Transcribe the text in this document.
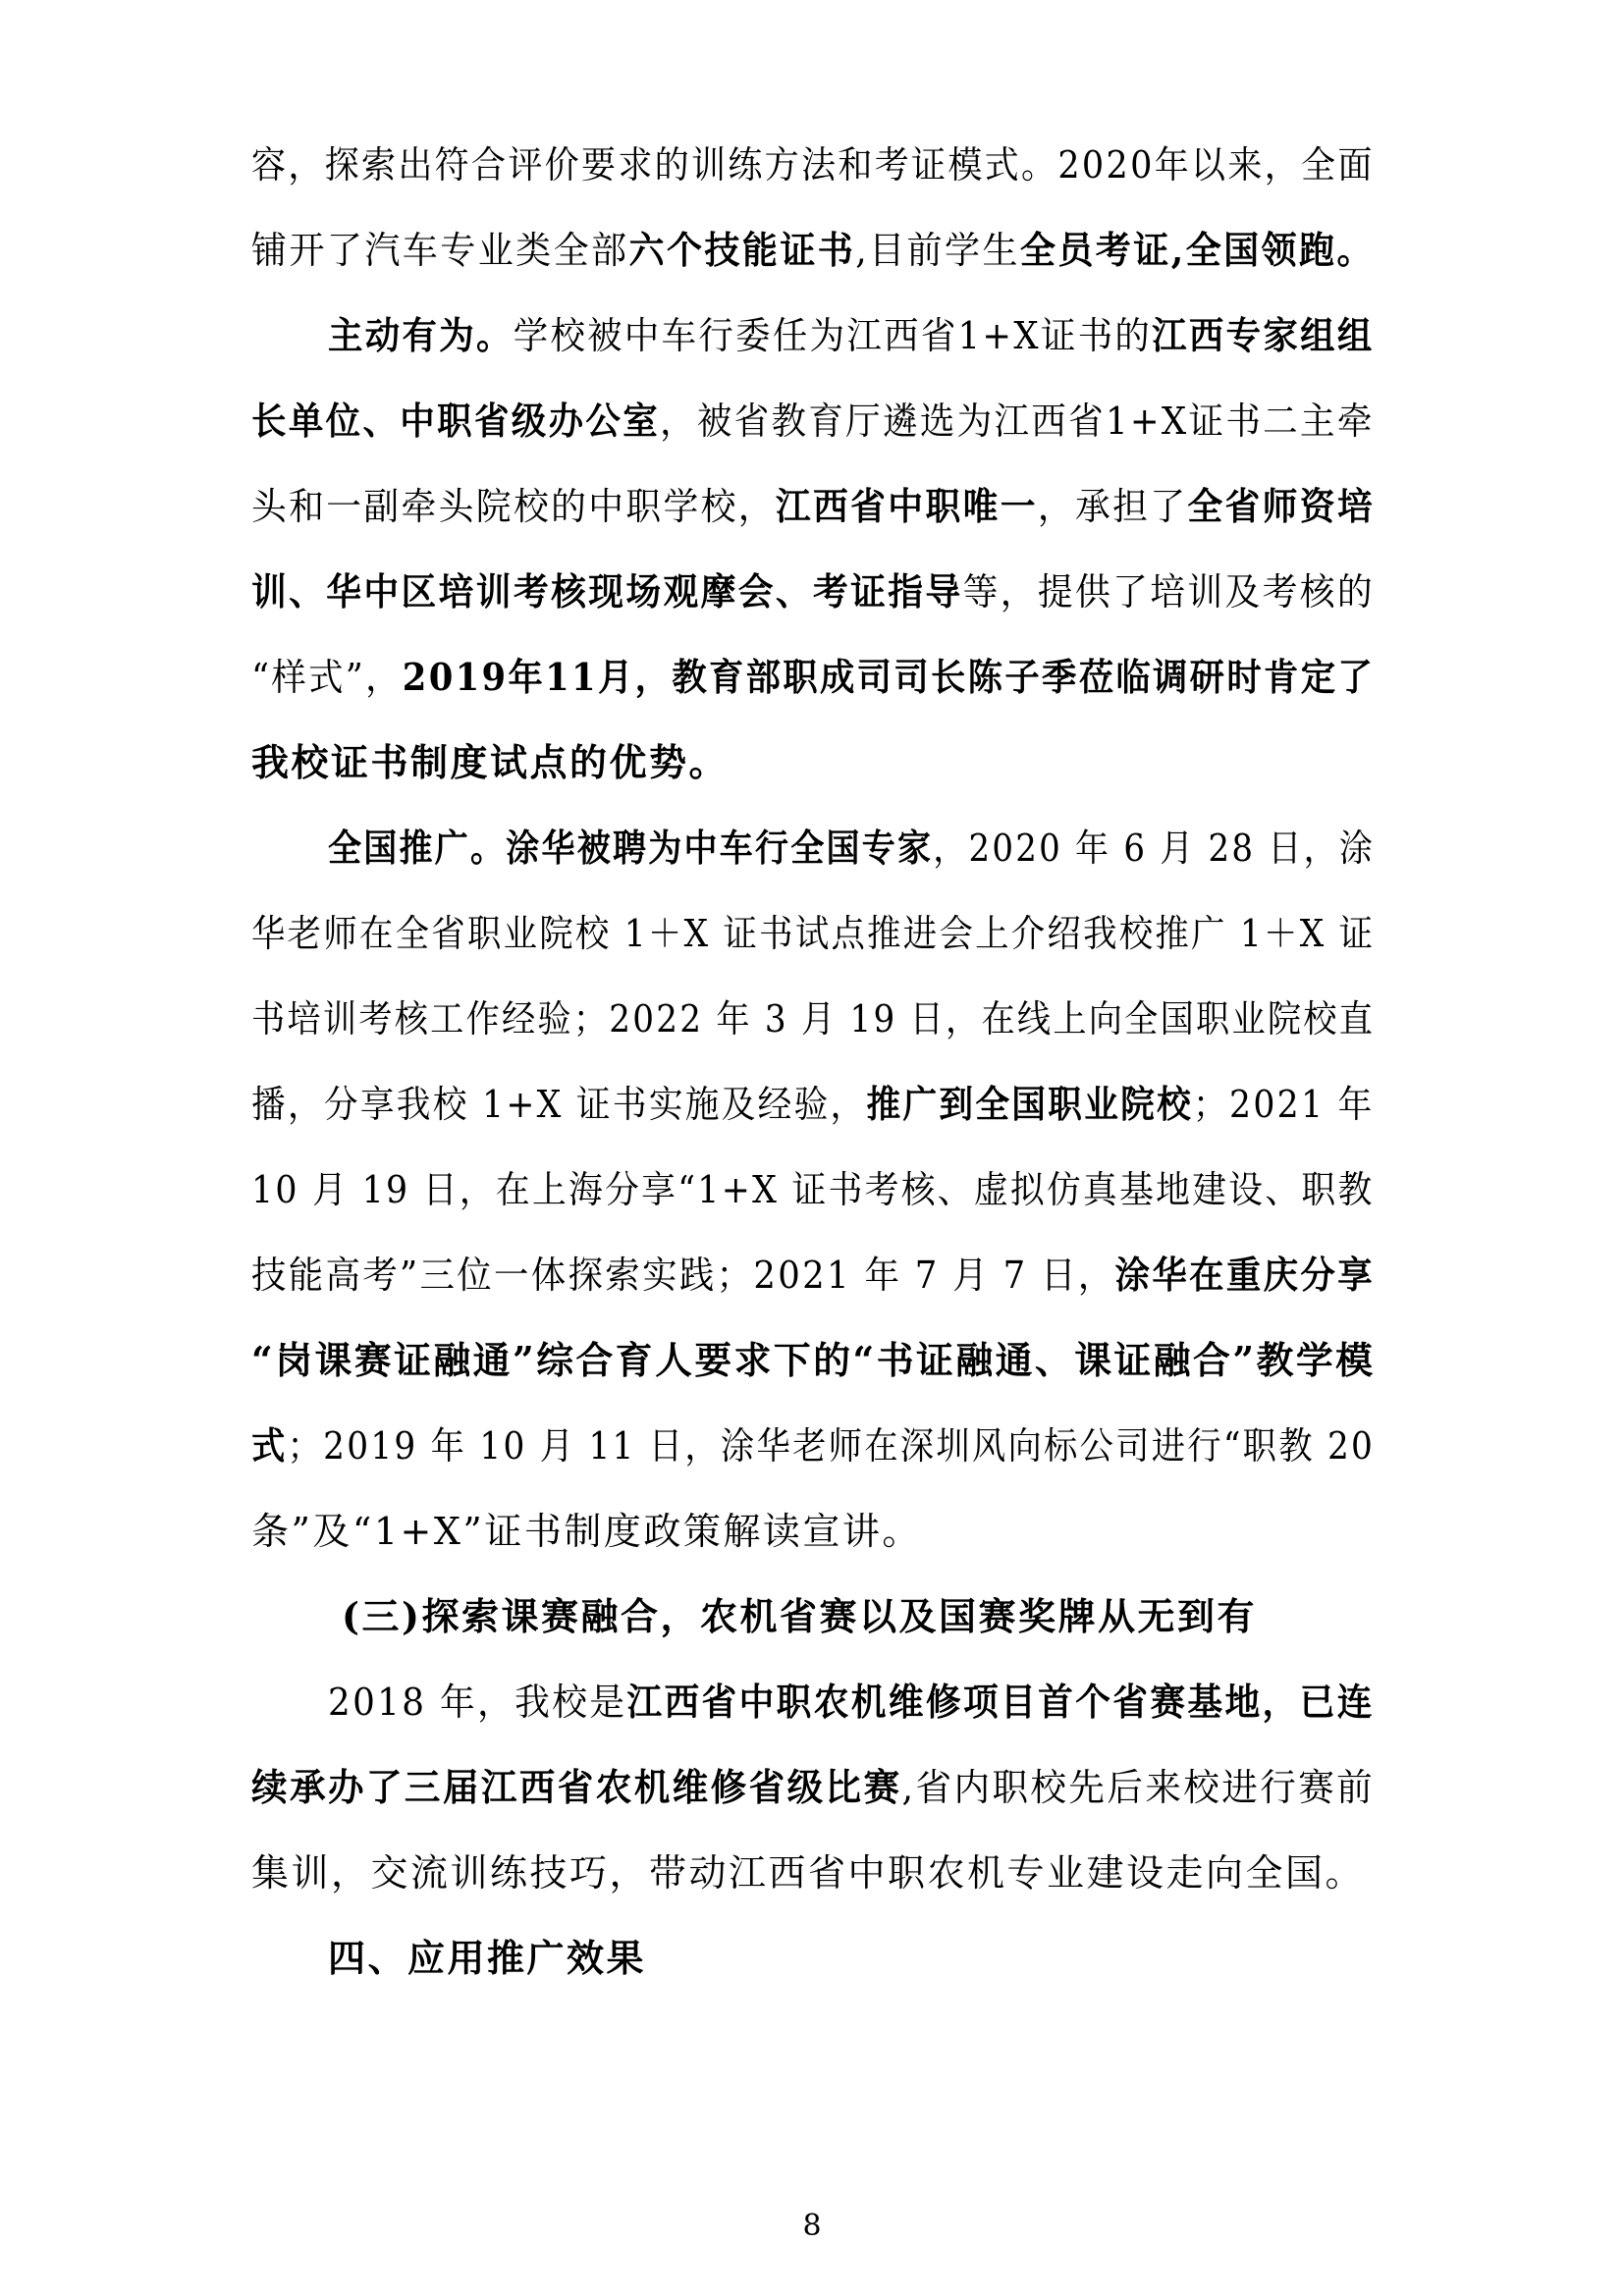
容，探索出符合评价要求的训练方法和考证模式。2020年以来，全面
铺开了汽车专业类全部六个技能证书,目前学生全员考证,全国领跑。
主动有为。学校被中车行委任为江西省1+X证书的江西专家组组
长单位、中职省级办公室，被省教育厅遴选为江西省1+X证书二主牵
头和一副牵头院校的中职学校，江西省中职唯一，承担了全省师资培
训、华中区培训考核现场观摩会、考证指导等，提供了培训及考核的
“样式”，2019年11月，教育部职成司司长陈子季莅临调研时肯定了
我校证书制度试点的优势。
全国推广。涂华被聘为中车行全国专家，2020 年 6 月 28 日，涂
华老师在全省职业院校 1＋X 证书试点推进会上介绍我校推广 1＋X 证
书培训考核工作经验；2022 年 3 月 19 日，在线上向全国职业院校直
播，分享我校 1+X 证书实施及经验，推广到全国职业院校；2021 年
10 月 19 日，在上海分享“1+X 证书考核、虚拟仿真基地建设、职教
技能高考”三位一体探索实践；2021 年 7 月 7 日，涂华在重庆分享
“岗课赛证融通”综合育人要求下的“书证融通、课证融合”教学模
式；2019 年 10 月 11 日，涂华老师在深圳风向标公司进行“职教 20
条”及“1+X”证书制度政策解读宣讲。
(三)探索课赛融合，农机省赛以及国赛奖牌从无到有
2018 年，我校是江西省中职农机维修项目首个省赛基地，已连
续承办了三届江西省农机维修省级比赛,省内职校先后来校进行赛前
集训，交流训练技巧，带动江西省中职农机专业建设走向全国。
四、应用推广效果
8
